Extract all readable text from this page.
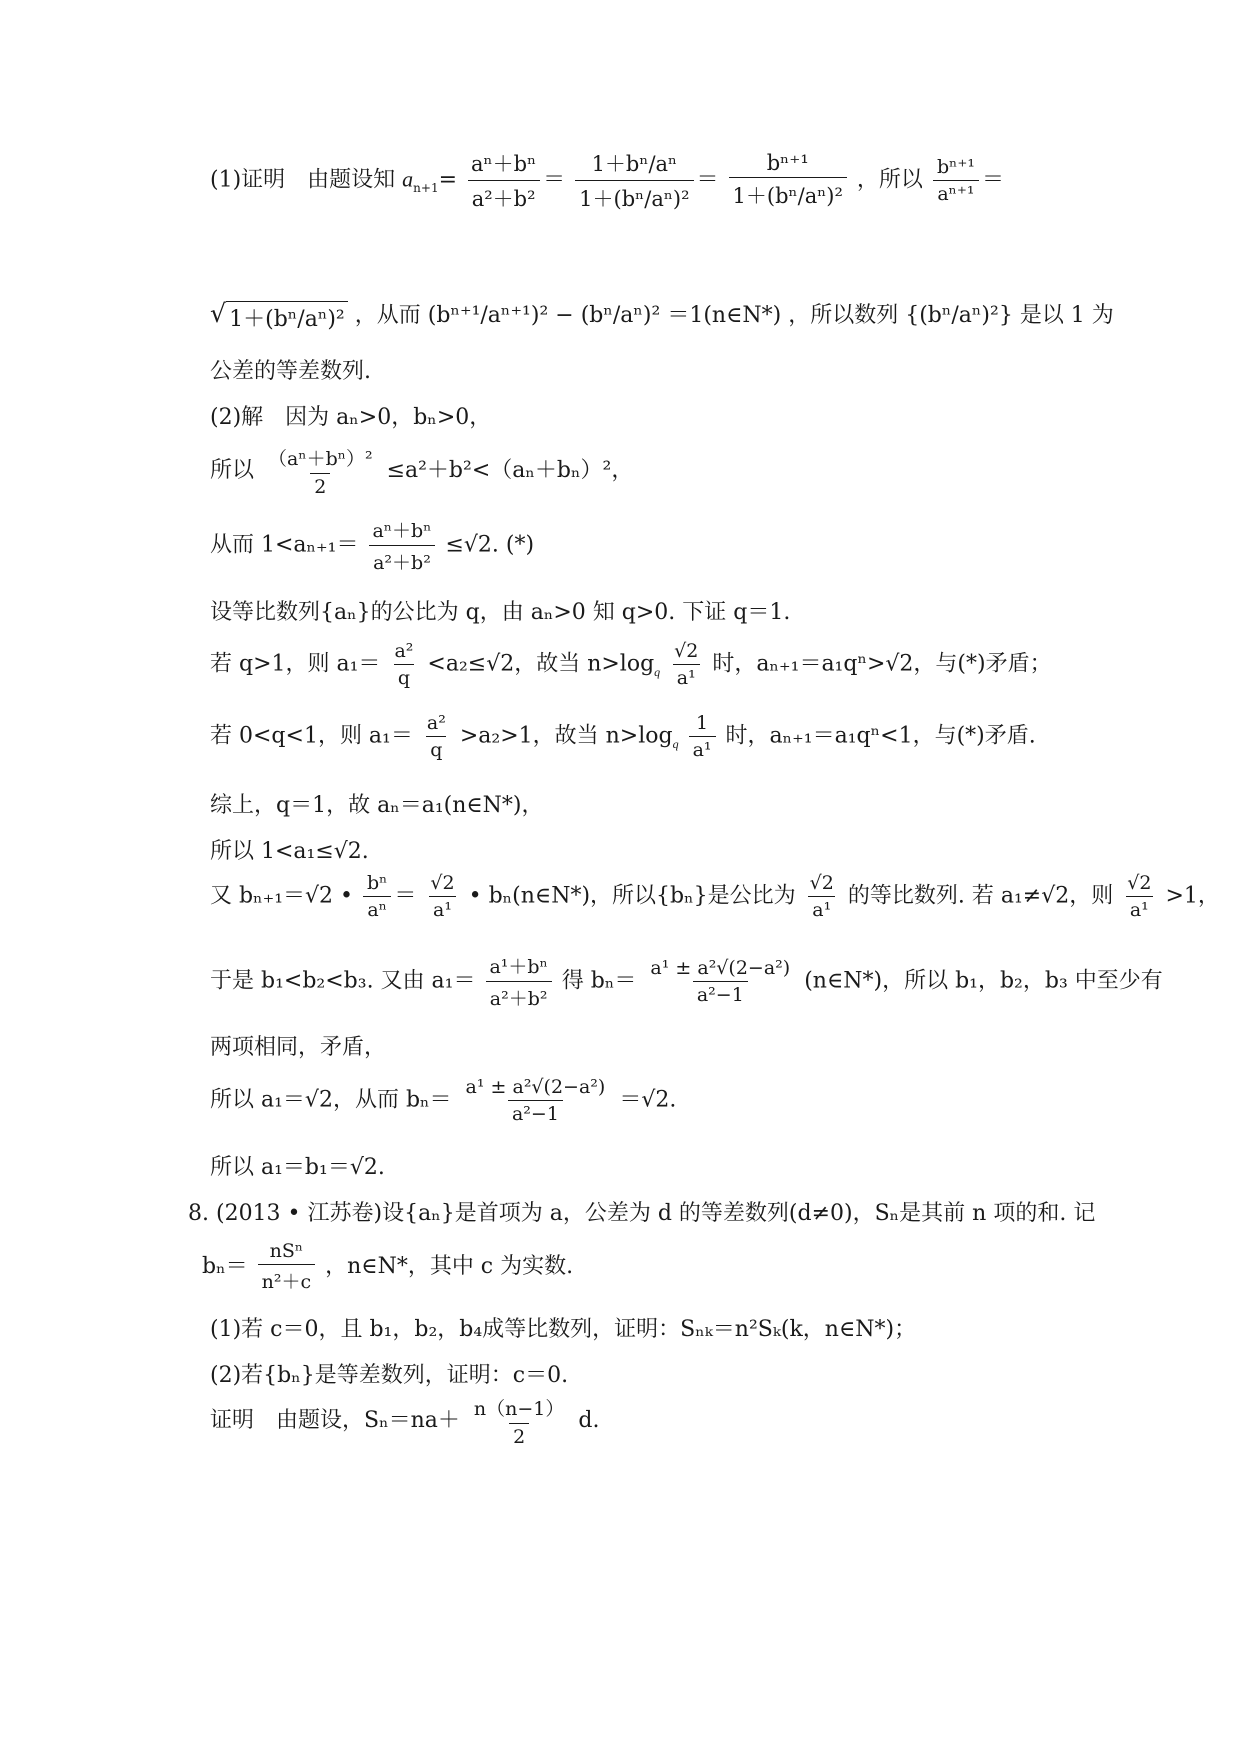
(1)证明　由题设知 $a_{n+1}= \frac{\text{aⁿ＋bⁿ}}{\text{a²＋b²}} = \frac{\text{1＋bⁿ/aⁿ}}{\text{1＋(bⁿ/aⁿ)²}} = \frac{\text{bⁿ⁺¹}}{\text{1＋(bⁿ/aⁿ)²}}$ ，所以 $\frac{\text{bⁿ⁺¹}}{\text{aⁿ⁺¹}}$ ＝
√ 1＋(bⁿ/aⁿ)² ，从而 (bⁿ⁺¹/aⁿ⁺¹)² − (bⁿ/aⁿ)² ＝1(n∈N*) ，所以数列 {(bⁿ/aⁿ)²} 是以 1 为
公差的等差数列.
(2)解　因为 aₙ>0，bₙ>0，
所以 $\frac{\text{（aⁿ＋bⁿ）²}}{2} \le a^2+b^2<(a_n+b_n)^2$，
从而 $1<a_{n+1}= \frac{\text{aⁿ＋bⁿ}}{\text{a²＋b²}} \le√2$. (*)
设等比数列{aₙ}的公比为 q，由 aₙ>0 知 q>0. 下证 q＝1.
若 q>1，则 $a_1= \frac{\text{a²}}{q} <a_2\le√2$，故当 $n>\log_q \frac{√2}{\text{a¹}}$ 时，aₙ₊₁＝a₁qⁿ>√2，与(*)矛盾；
若 0<q<1，则 $a_1= \frac{\text{a²}}{q} >a_2>1$，故当 $n>\log_q \frac{1}{\text{a¹}}$ 时，aₙ₊₁＝a₁qⁿ<1，与(*)矛盾.
综上，q＝1，故 aₙ＝a₁(n∈N*)，
所以 1<a₁≤√2.
又 bₙ₊₁＝√2 • $\frac{\text{bⁿ}}{\text{aⁿ}} = \frac{√2}{\text{a¹}}$ • bₙ(n∈N*)，所以{bₙ}是公比为 $\frac{√2}{\text{a¹}}$ 的等比数列. 若 a₁≠√2，则 $\frac{√2}{\text{a¹}} >1$，
于是 b₁<b₂<b₃. 又由 $a_1= \frac{\text{a¹＋bⁿ}}{\text{a²＋b²}}$ 得 $b_n= \frac{\text{a¹ ± a²√(2−a²)}}{\text{a²−1}}$ (n∈N*)，所以 b₁，b₂，b₃ 中至少有
两项相同，矛盾，
所以 a₁＝√2，从而 $b_n= \frac{\text{a¹ ± a²√(2−a²)}}{\text{a²−1}} =√2$.
所以 a₁＝b₁＝√2.
8. (2013 • 江苏卷)设{aₙ}是首项为 a，公差为 d 的等差数列(d≠0)，Sₙ是其前 n 项的和. 记
$b_n= \frac{\text{nSⁿ}}{\text{n²＋c}}$ ，n∈N*，其中 c 为实数.
(1)若 c＝0，且 b₁，b₂，b₄成等比数列，证明：Sₙₖ＝n²Sₖ(k，n∈N*)；
(2)若{bₙ}是等差数列，证明：c＝0.
证明　由题设，$S_n=na+ \frac{n(n-1)}{2} d$.
